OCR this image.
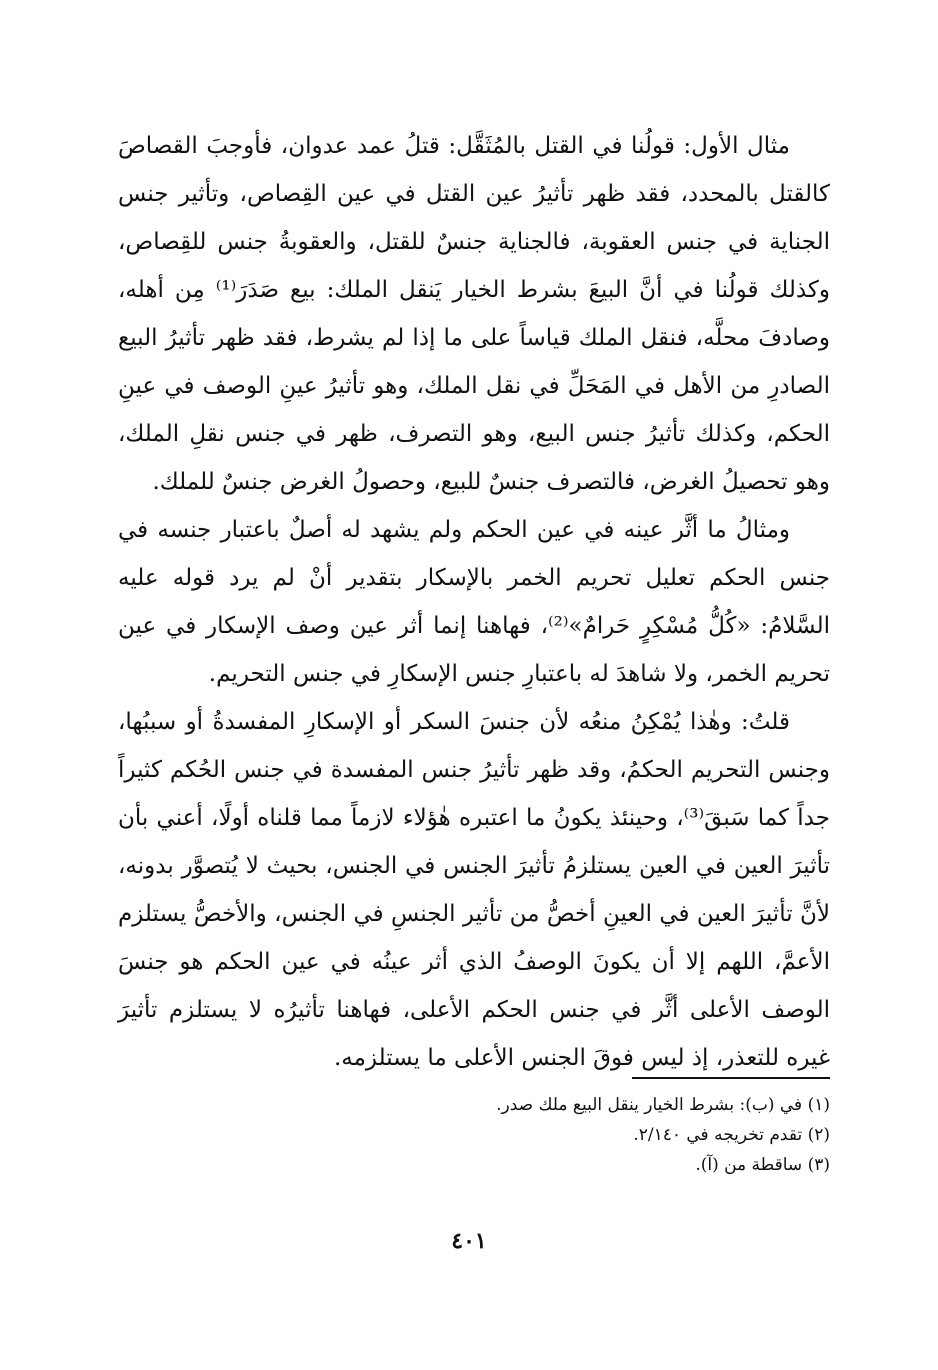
مثال الأول: قولُنا في القتل بالمُثَقَّل: قتلُ عمد عدوان، فأوجبَ القصاصَ كالقتل بالمحدد، فقد ظهر تأثيرُ عين القتل في عين القِصاص، وتأثير جنس الجناية في جنس العقوبة، فالجناية جنسٌ للقتل، والعقوبةُ جنس للقِصاص، وكذلك قولُنا في أنَّ البيعَ بشرط الخيار يَنقل الملك: بيع صَدَرَ⁽¹⁾ مِن أهله، وصادفَ محلَّه، فنقل الملك قياساً على ما إذا لم يشرط، فقد ظهر تأثيرُ البيع الصادرِ من الأهل في المَحَلِّ في نقل الملك، وهو تأثيرُ عينِ الوصف في عينِ الحكم، وكذلك تأثيرُ جنس البيع، وهو التصرف، ظهر في جنس نقلِ الملك، وهو تحصيلُ الغرض، فالتصرف جنسٌ للبيع، وحصولُ الغرض جنسٌ للملك.

ومثالُ ما أثَّر عينه في عين الحكم ولم يشهد له أصلٌ باعتبار جنسه في جنس الحكم تعليل تحريم الخمر بالإسكار بتقدير أنْ لم يرد قوله عليه السَّلامُ: «كُلُّ مُسْكِرٍ حَرامٌ»⁽²⁾، فهاهنا إنما أثر عين وصف الإسكار في عين تحريم الخمر، ولا شاهدَ له باعتبارِ جنس الإسكارِ في جنس التحريم.

قلتُ: وهٰذا يُمْكِنُ منعُه لأن جنسَ السكر أو الإسكارِ المفسدةُ أو سببُها، وجنس التحريم الحكمُ، وقد ظهر تأثيرُ جنس المفسدة في جنس الحُكم كثيراً جداً كما سَبقَ⁽³⁾، وحينئذ يكونُ ما اعتبره هٰؤلاء لازماً مما قلناه أولًا، أعني بأن تأثيرَ العين في العين يستلزمُ تأثيرَ الجنس في الجنس، بحيث لا يُتصوَّر بدونه، لأنَّ تأثيرَ العين في العينِ أخصُّ من تأثير الجنسِ في الجنس، والأخصُّ يستلزم الأعمَّ، اللهم إلا أن يكونَ الوصفُ الذي أثر عينُه في عين الحكم هو جنسَ الوصف الأعلى أثَّر في جنس الحكم الأعلى، فهاهنا تأثيرُه لا يستلزم تأثيرَ غيره للتعذر، إذ ليس فوقَ الجنس الأعلى ما يستلزمه.

(١) في (ب): بشرط الخيار ينقل البيع ملك صدر.

(٢) تقدم تخريجه في ٢/١٤٠.

(٣) ساقطة من (آ).

٤٠١
